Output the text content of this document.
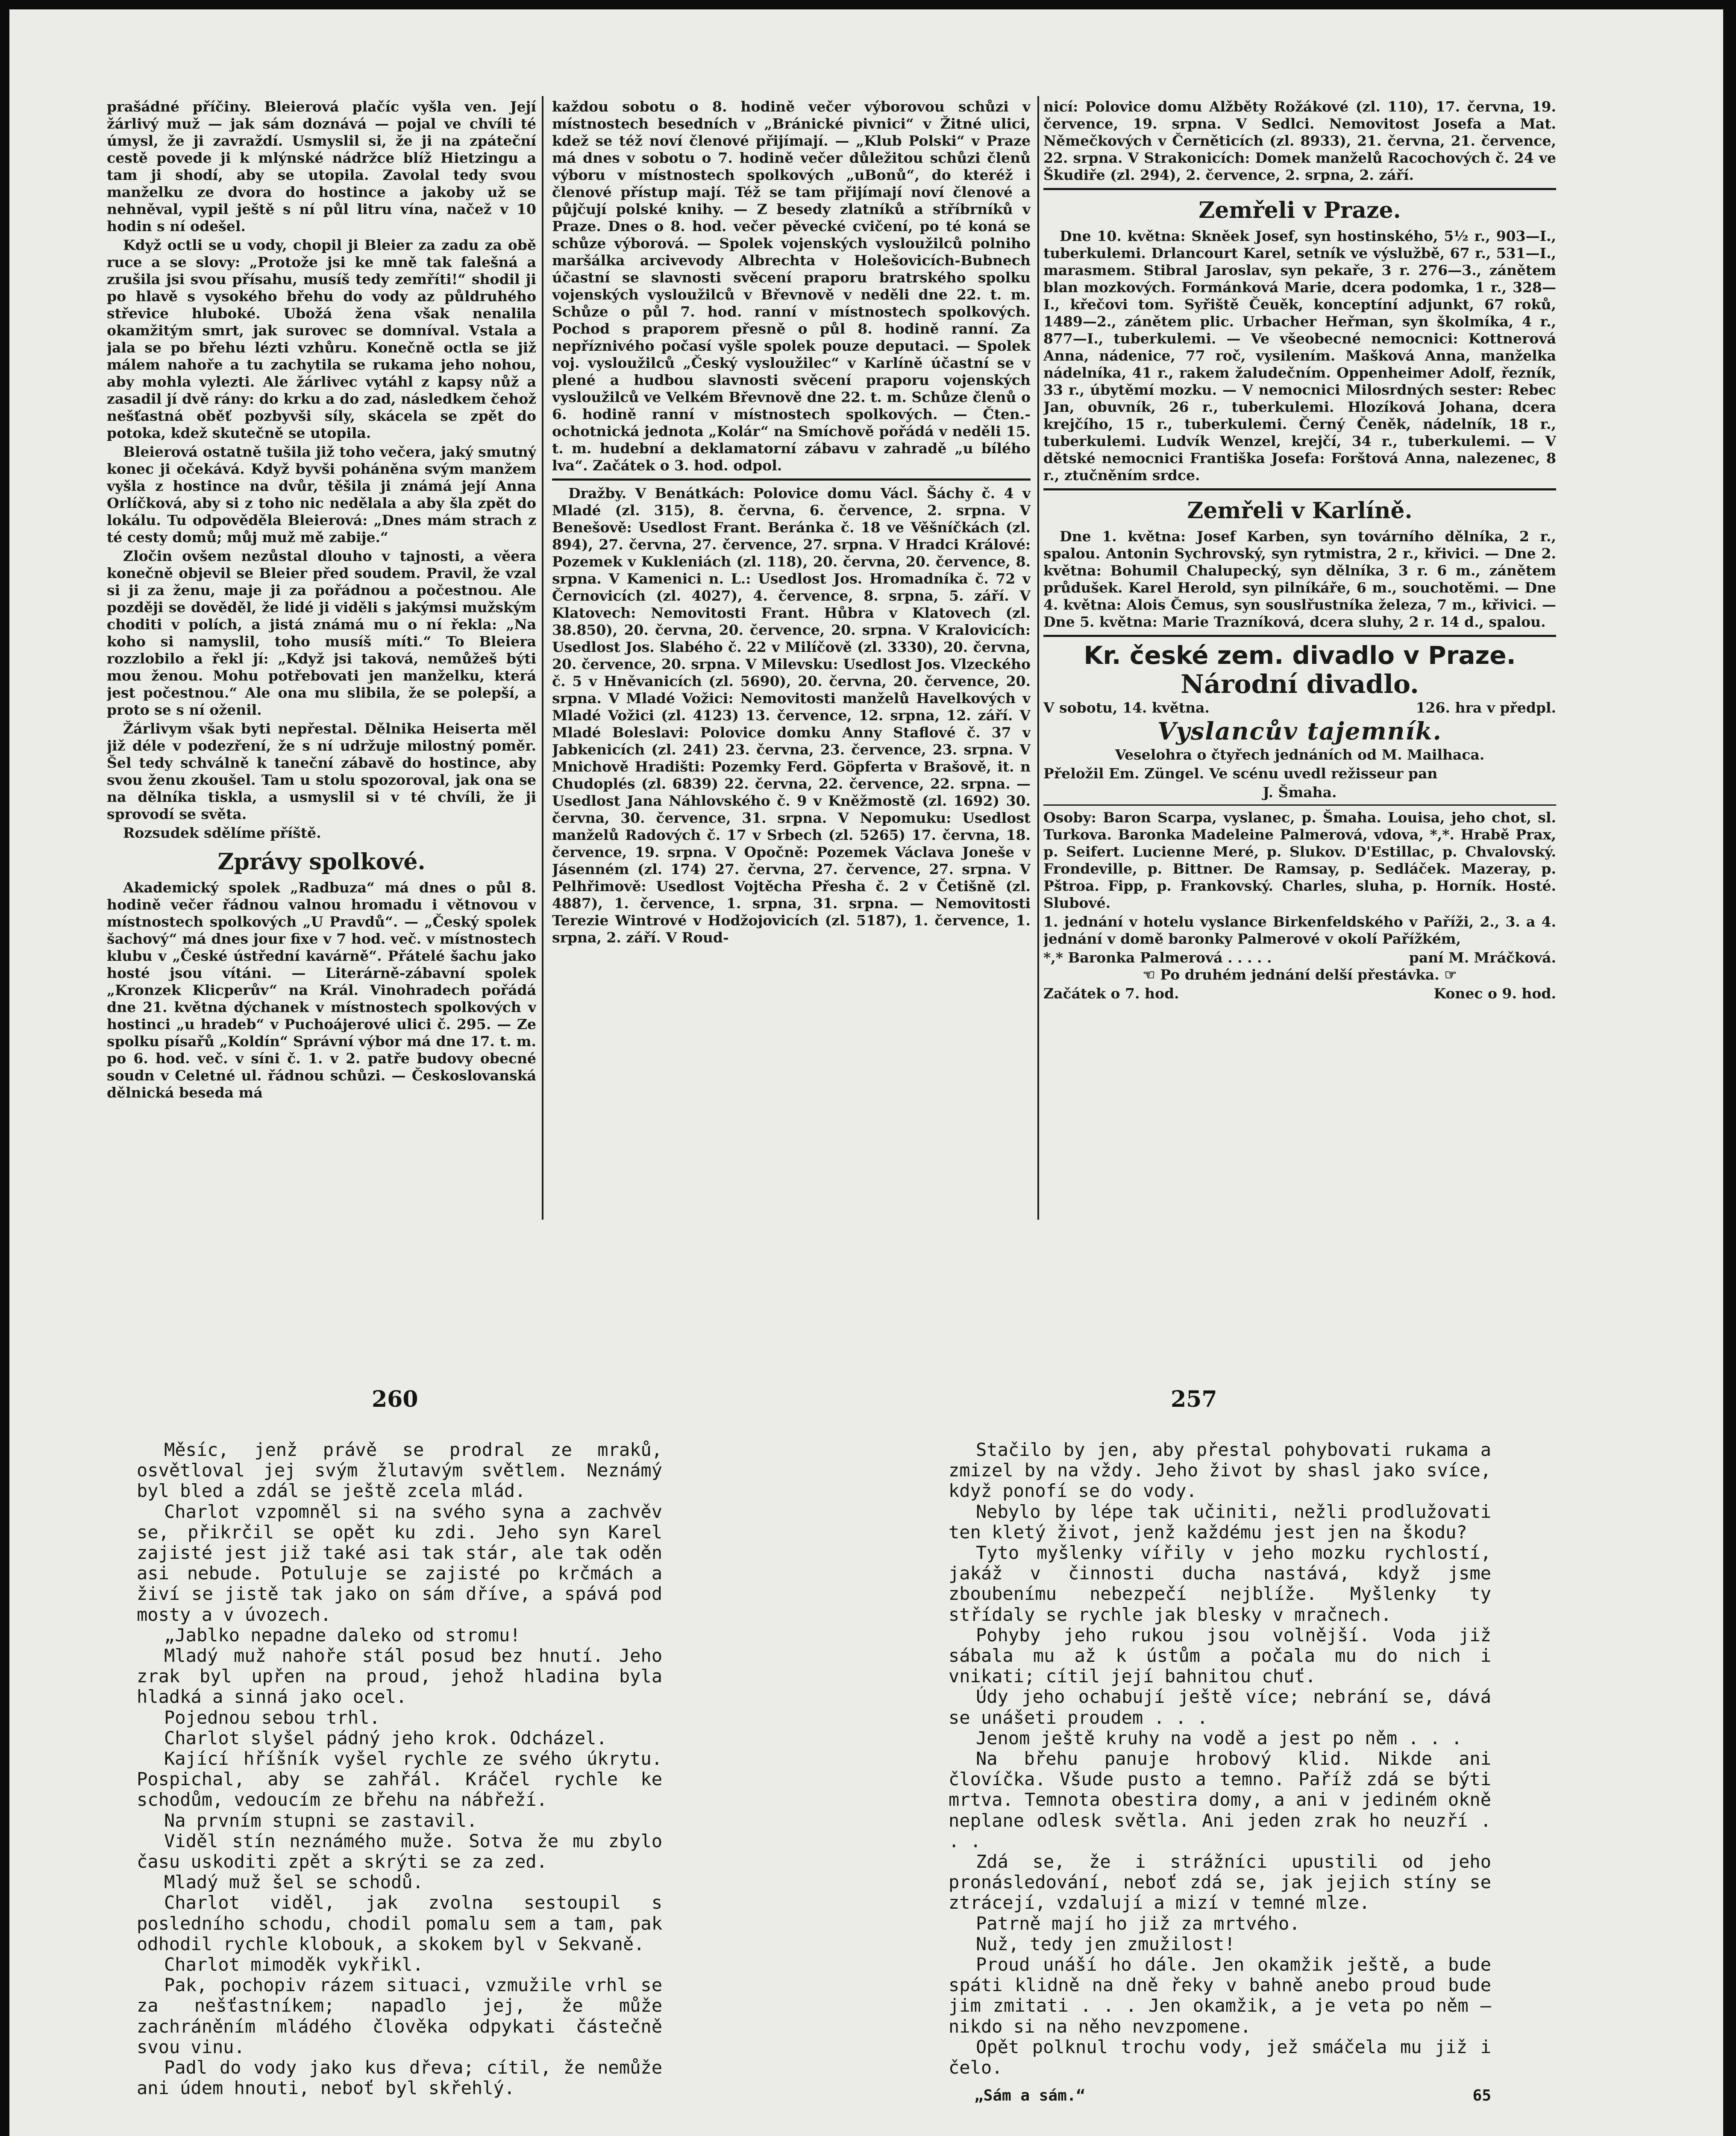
prašádné příčiny. Bleierová plačíc vyšla ven. Její žárlivý muž — jak sám doznává — pojal ve chvíli té úmysl, že ji zavraždí. Usmyslil si, že ji na zpáteční cestě povede ji k mlýnské nádržce blíž Hietzingu a tam ji shodí, aby se utopila. Zavolal tedy svou manželku ze dvora do hostince a jakoby už se nehněval, vypil ještě s ní půl litru vína, načež v 10 hodin s ní odešel.

Když octli se u vody, chopil ji Bleier za zadu za obě ruce a se slovy: „Protože jsi ke mně tak falešná a zrušila jsi svou přísahu, musíš tedy zemříti!“ shodil ji po hlavě s vysokého břehu do vody az půldruhého střevice hluboké. Ubožá žena však nenalila okamžitým smrt, jak surovec se domníval. Vstala a jala se po břehu lézti vzhůru. Konečně octla se již málem nahoře a tu zachytila se rukama jeho nohou, aby mohla vylezti. Ale žárlivec vytáhl z kapsy nůž a zasadil jí dvě rány: do krku a do zad, následkem čehož nešťastná oběť pozbyvši síly, skácela se zpět do potoka, kdež skutečně se utopila.

Bleierová ostatně tušila již toho večera, jaký smutný konec ji očekává. Když byvši poháněna svým manžem vyšla z hostince na dvůr, těšila ji známá její Anna Orlíčková, aby si z toho nic nedělala a aby šla zpět do lokálu. Tu odpověděla Bleierová: „Dnes mám strach z té cesty domů; můj muž mě zabije.“

Zločin ovšem nezůstal dlouho v tajnosti, a věera konečně objevil se Bleier před soudem. Pravil, že vzal si ji za ženu, maje ji za pořádnou a počestnou. Ale později se dověděl, že lidé ji viděli s jakýmsi mužským choditi v polích, a jistá známá mu o ní řekla: „Na koho si namyslil, toho musíš míti.“ To Bleiera rozzlobilo a řekl jí: „Když jsi taková, nemůžeš býti mou ženou. Mohu potřebovati jen manželku, která jest počestnou.“ Ale ona mu slibila, že se polepší, a proto se s ní oženil.

Žárlivym však byti nepřestal. Dělnika Heiserta měl již déle v podezření, že s ní udržuje milostný poměr. Šel tedy schválně k taneční zábavě do hostince, aby svou ženu zkoušel. Tam u stolu spozoroval, jak ona se na dělníka tiskla, a usmyslil si v té chvíli, že ji sprovodí se světa.

Rozsudek sdělíme příště.

Zprávy spolkové.

Akademický spolek „Radbuza“ má dnes o půl 8. hodině večer řádnou valnou hromadu i větnovou v místnostech spolkových „U Pravdů“. — „Český spolek šachový“ má dnes jour fixe v 7 hod. več. v místnostech klubu v „České ústřední kavárně“. Přátelé šachu jako hosté jsou vítáni. — Literárně-zábavní spolek „Kronzek Klicperův“ na Král. Vinohradech pořádá dne 21. května dýchanek v místnostech spolkových v hostinci „u hradeb“ v Puchoájerové ulici č. 295. — Ze spolku písařů „Koldín“ Správní výbor má dne 17. t. m. po 6. hod. več. v síni č. 1. v 2. patře budovy obecné soudn v Celetné ul. řádnou schůzi. — Českoslovanská dělnická beseda má

každou sobotu o 8. hodině večer výborovou schůzi v místnostech besedních v „Bránické pivnici“ v Žitné ulici, kdež se též noví členové přijímají. — „Klub Polski“ v Praze má dnes v sobotu o 7. hodině večer důležitou schůzi členů výboru v místnostech spolkových „uBonů“, do kteréž i členové přístup mají. Též se tam přijímají noví členové a půjčují polské knihy. — Z besedy zlatníků a stříbrníků v Praze. Dnes o 8. hod. večer pěvecké cvičení, po té koná se schůze výborová. — Spolek vojenských vysloužilců polniho maršálka arcivevody Albrechta v Holešovicích-Bubnech účastní se slavnosti svěcení praporu bratrského spolku vojenských vysloužilců v Břevnově v neděli dne 22. t. m. Schůze o půl 7. hod. ranní v místnostech spolkových. Pochod s praporem přesně o půl 8. hodině ranní. Za nepříznivého počasí vyšle spolek pouze deputaci. — Spolek voj. vysloužilců „Český vysloužilec“ v Karlíně účastní se v plené a hudbou slavnosti svěcení praporu vojenských vysloužilců ve Velkém Břevnově dne 22. t. m. Schůze členů o 6. hodině ranní v místnostech spolkových. — Čten.-ochotnická jednota „Kolár“ na Smíchově pořádá v neděli 15. t. m. hudební a deklamatorní zábavu v zahradě „u bílého lva“. Začátek o 3. hod. odpol.

Dražby. V Benátkách: Polovice domu Václ. Šáchy č. 4 v Mladé (zl. 315), 8. června, 6. července, 2. srpna. V Benešově: Usedlost Frant. Beránka č. 18 ve Věšníčkách (zl. 894), 27. června, 27. července, 27. srpna. V Hradci Králové: Pozemek v Kukleniách (zl. 118), 20. června, 20. července, 8. srpna. V Kamenici n. L.: Usedlost Jos. Hromadníka č. 72 v Černovicích (zl. 4027), 4. července, 8. srpna, 5. září. V Klatovech: Nemovitosti Frant. Hůbra v Klatovech (zl. 38.850), 20. června, 20. července, 20. srpna. V Kralovicích: Usedlost Jos. Slabého č. 22 v Milíčově (zl. 3330), 20. června, 20. července, 20. srpna. V Milevsku: Usedlost Jos. Vlzeckého č. 5 v Hněvanicích (zl. 5690), 20. června, 20. července, 20. srpna. V Mladé Vožici: Nemovitosti manželů Havelkových v Mladé Vožici (zl. 4123) 13. července, 12. srpna, 12. září. V Mladé Boleslavi: Polovice domku Anny Staflové č. 37 v Jabkenicích (zl. 241) 23. června, 23. července, 23. srpna. V Mnichově Hradišti: Pozemky Ferd. Göpferta v Brašově, it. n Chudoplés (zl. 6839) 22. června, 22. července, 22. srpna. — Usedlost Jana Náhlovského č. 9 v Kněžmostě (zl. 1692) 30. června, 30. července, 31. srpna. V Nepomuku: Usedlost manželů Radových č. 17 v Srbech (zl. 5265) 17. června, 18. července, 19. srpna. V Opočně: Pozemek Václava Joneše v Jásenném (zl. 174) 27. června, 27. července, 27. srpna. V Pelhřimově: Usedlost Vojtěcha Přesha č. 2 v Četišně (zl. 4887), 1. července, 1. srpna, 31. srpna. — Nemovitosti Terezie Wintrové v Hodžojovicích (zl. 5187), 1. července, 1. srpna, 2. září. V Roud-

nicí: Polovice domu Alžběty Rožákové (zl. 110), 17. června, 19. července, 19. srpna. V Sedlci. Nemovitost Josefa a Mat. Němečkových v Černěticích (zl. 8933), 21. června, 21. července, 22. srpna. V Strakonicích: Domek manželů Racochových č. 24 ve Škudiře (zl. 294), 2. července, 2. srpna, 2. září.

Zemřeli v Praze.

Dne 10. května: Skněek Josef, syn hostinského, 5½ r., 903—I., tuberkulemi. Drlancourt Karel, setník ve výslužbě, 67 r., 531—I., marasmem. Stibral Jaroslav, syn pekaře, 3 r. 276—3., zánětem blan mozkových. Formánková Marie, dcera podomka, 1 r., 328—I., křečovi tom. Syřiště Čeuěk, konceptíní adjunkt, 67 roků, 1489—2., zánětem plic. Urbacher Heřman, syn školmíka, 4 r., 877—I., tuberkulemi. — Ve všeobecné nemocnici: Kottnerová Anna, nádenice, 77 roč, vysilením. Mašková Anna, manželka nádelníka, 41 r., rakem žaludečním. Oppenheimer Adolf, řezník, 33 r., úbytěmí mozku. — V nemocnici Milosrdných sester: Rebec Jan, obuvník, 26 r., tuberkulemi. Hlozíková Johana, dcera krejčího, 15 r., tuberkulemi. Černý Čeněk, nádelník, 18 r., tuberkulemi. Ludvík Wenzel, krejčí, 34 r., tuberkulemi. — V dětské nemocnici Františka Josefa: Forštová Anna, nalezenec, 8 r., ztučněním srdce.

Zemřeli v Karlíně.

Dne 1. května: Josef Karben, syn továrního dělníka, 2 r., spalou. Antonin Sychrovský, syn rytmistra, 2 r., křivici. — Dne 2. května: Bohumil Chalupecký, syn dělníka, 3 r. 6 m., zánětem průdušek. Karel Herold, syn pilníkáře, 6 m., souchotěmi. — Dne 4. května: Alois Čemus, syn souslřustníka železa, 7 m., křivici. — Dne 5. května: Marie Trazníková, dcera sluhy, 2 r. 14 d., spalou.

Kr. české zem. divadlo v Praze.
Národní divadlo.
V sobotu, 14. května.	126. hra v předpl.
Vyslancův tajemník.

Veselohra o čtyřech jednáních od M. Mailhaca.

Přeložil Em. Züngel. Ve scénu uvedl režisseur pan

J. Šmaha.

Osoby: Baron Scarpa, vyslanec, p. Šmaha. Louisa, jeho chot, sl. Turkova. Baronka Madeleine Palmerová, vdova, *,*. Hrabě Prax, p. Seifert. Lucienne Meré, p. Slukov. D'Estillac, p. Chvalovský. Frondeville, p. Bittner. De Ramsay, p. Sedláček. Mazeray, p. Pštroa. Fipp, p. Frankovský. Charles, sluha, p. Horník. Hosté. Slubové.

1. jednání v hotelu vyslance Birkenfeldského v Paříži, 2., 3. a 4. jednání v domě baronky Palmerové v okolí Pařížkém,

*,* Baronka Palmerová . . . . .	paní M. Mráčková.

☜ Po druhém jednání delší přestávka. ☞

Začátek o 7. hod.	Konec o 9. hod.
260	257

Měsíc, jenž právě se prodral ze mraků, osvětloval jej svým žlutavým světlem. Neznámý byl bled a zdál se ještě zcela mlád.

Charlot vzpomněl si na svého syna a zachvěv se, přikrčil se opět ku zdi. Jeho syn Karel zajisté jest již také asi tak stár, ale tak oděn asi nebude. Potuluje se zajisté po krčmách a živí se jistě tak jako on sám dříve, a spává pod mosty a v úvozech.

„Jablko nepadne daleko od stromu!

Mladý muž nahoře stál posud bez hnutí. Jeho zrak byl upřen na proud, jehož hladina byla hladká a sinná jako ocel.

Pojednou sebou trhl.

Charlot slyšel pádný jeho krok. Odcházel.

Kající hříšník vyšel rychle ze svého úkrytu. Pospichal, aby se zahřál. Kráčel rychle ke schodům, vedoucím ze břehu na nábřeží.

Na prvním stupni se zastavil.

Viděl stín neznámého muže. Sotva že mu zbylo času uskoditi zpět a skrýti se za zed.

Mladý muž šel se schodů.

Charlot viděl, jak zvolna sestoupil s posledního schodu, chodil pomalu sem a tam, pak odhodil rychle klobouk, a skokem byl v Sekvaně.

Charlot mimoděk vykřikl.

Pak, pochopiv rázem situaci, vzmužile vrhl se za nešťastníkem; napadlo jej, že může zachráněním mládého člověka odpykati částečně svou vinu.

Padl do vody jako kus dřeva; cítil, že nemůže ani údem hnouti, neboť byl skřehlý.

Stačilo by jen, aby přestal pohybovati rukama a zmizel by na vždy. Jeho život by shasl jako svíce, když ponofí se do vody.

Nebylo by lépe tak učiniti, nežli prodlužovati ten kletý život, jenž každému jest jen na škodu?

Tyto myšlenky vířily v jeho mozku rychlostí, jakáž v činnosti ducha nastává, když jsme zboubenímu nebezpečí nejblíže. Myšlenky ty střídaly se rychle jak blesky v mračnech.

Pohyby jeho rukou jsou volnější. Voda již sábala mu až k ústům a počala mu do nich i vnikati; cítil její bahnitou chuť.

Údy jeho ochabují ještě více; nebrání se, dává se unášeti proudem . . .

Jenom ještě kruhy na vodě a jest po něm . . .

Na břehu panuje hrobový klid. Nikde ani človíčka. Všude pusto a temno. Paříž zdá se býti mrtva. Temnota obestira domy, a ani v jediném okně neplane odlesk světla. Ani jeden zrak ho neuzří . . .

Zdá se, že i strážníci upustili od jeho pronásledování, neboť zdá se, jak jejich stíny se ztrácejí, vzdalují a mizí v temné mlze.

Patrně mají ho již za mrtvého.

Nuž, tedy jen zmužilost!

Proud unáší ho dále. Jen okamžik ještě, a bude spáti klidně na dně řeky v bahně anebo proud bude jim zmitati . . . Jen okamžik, a je veta po něm — nikdo si na něho nevzpomene.

Opět polknul trochu vody, jež smáčela mu již i čelo.

„Sám a sám.“	65
